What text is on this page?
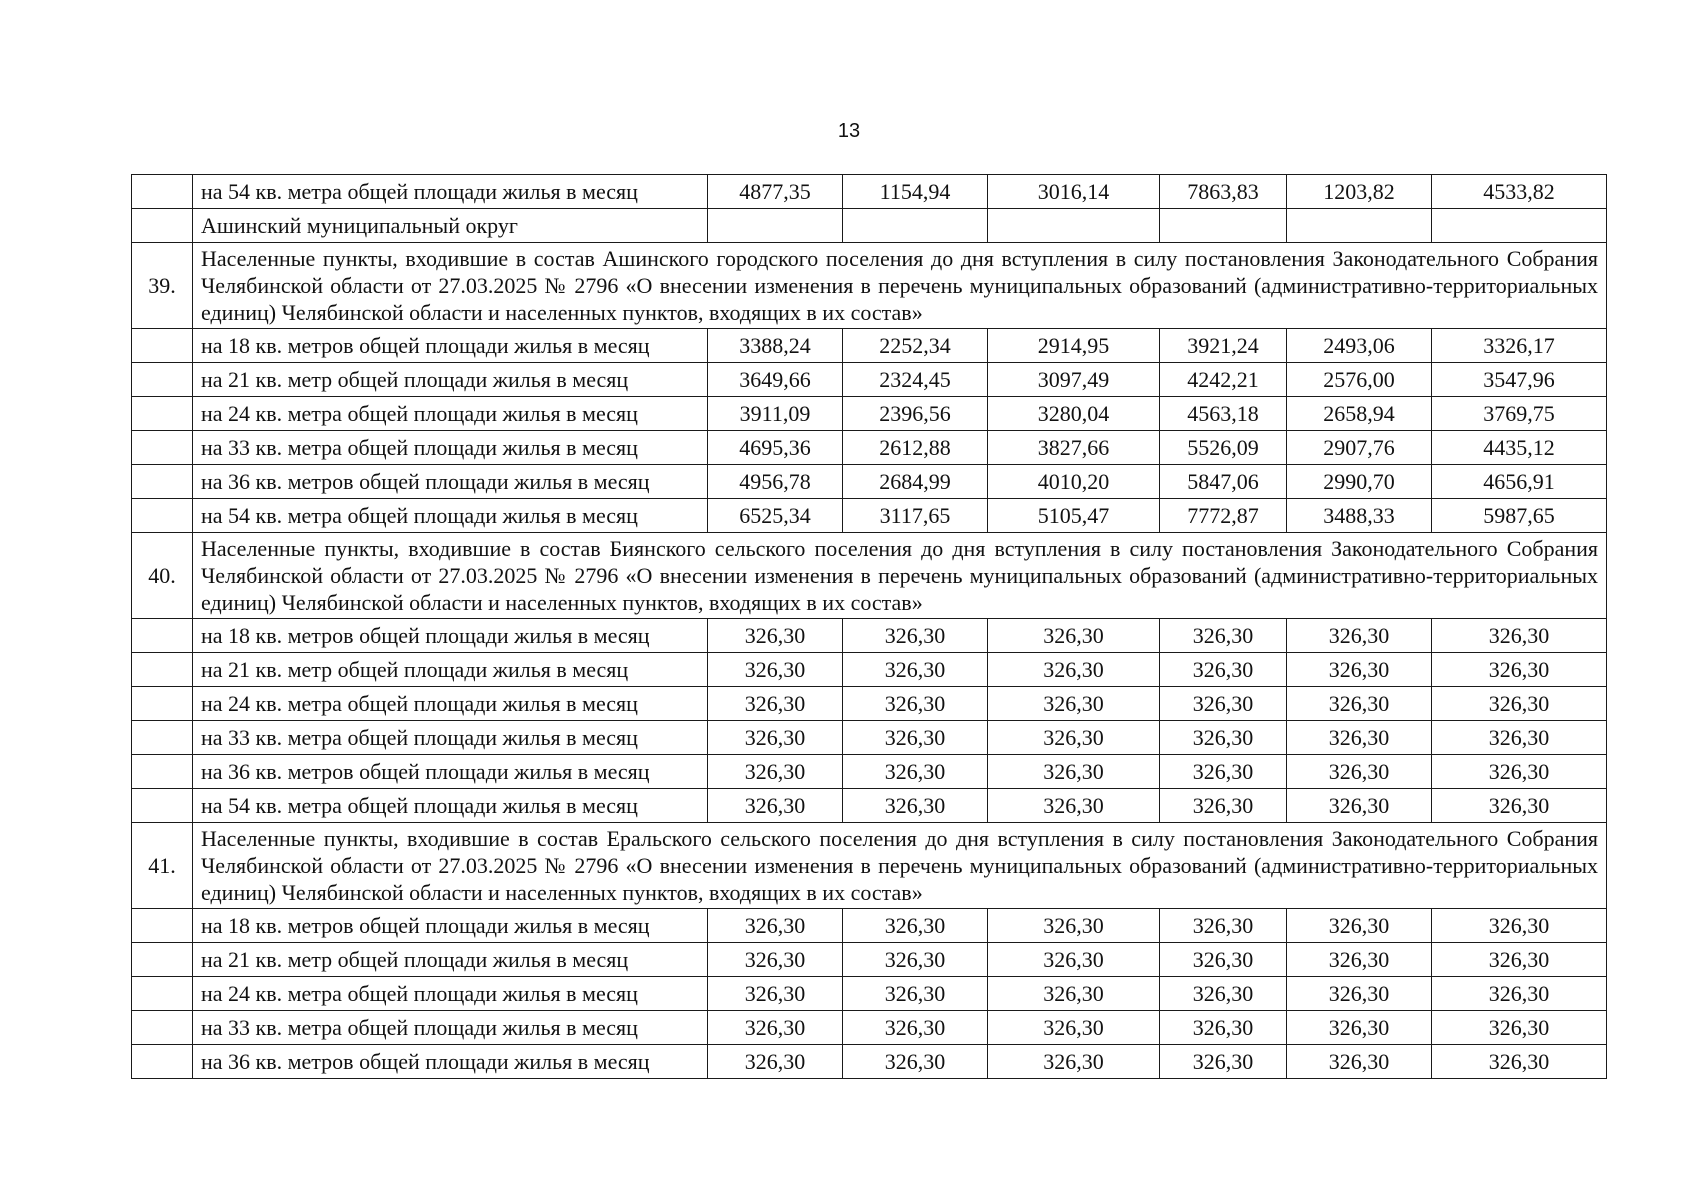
13
	на 54 кв. метра общей площади жилья в месяц	4877,35	1154,94	3016,14	7863,83	1203,82	4533,82
	Ашинский муниципальный округ						
39.	Населенные пункты, входившие в состав Ашинского городского поселения до дня вступления в силу постановления Законодательного Собрания Челябинской области от 27.03.2025 № 2796 «О внесении изменения в перечень муниципальных образований (административно-территориальных единиц) Челябинской области и населенных пунктов, входящих в их состав»						
	на 18 кв. метров общей площади жилья в месяц	3388,24	2252,34	2914,95	3921,24	2493,06	3326,17
	на 21 кв. метр общей площади жилья в месяц	3649,66	2324,45	3097,49	4242,21	2576,00	3547,96
	на 24 кв. метра общей площади жилья в месяц	3911,09	2396,56	3280,04	4563,18	2658,94	3769,75
	на 33 кв. метра общей площади жилья в месяц	4695,36	2612,88	3827,66	5526,09	2907,76	4435,12
	на 36 кв. метров общей площади жилья в месяц	4956,78	2684,99	4010,20	5847,06	2990,70	4656,91
	на 54 кв. метра общей площади жилья в месяц	6525,34	3117,65	5105,47	7772,87	3488,33	5987,65
40.	Населенные пункты, входившие в состав Биянского сельского поселения до дня вступления в силу постановления Законодательного Собрания Челябинской области от 27.03.2025 № 2796 «О внесении изменения в перечень муниципальных образований (административно-территориальных единиц) Челябинской области и населенных пунктов, входящих в их состав»						
	на 18 кв. метров общей площади жилья в месяц	326,30	326,30	326,30	326,30	326,30	326,30
	на 21 кв. метр общей площади жилья в месяц	326,30	326,30	326,30	326,30	326,30	326,30
	на 24 кв. метра общей площади жилья в месяц	326,30	326,30	326,30	326,30	326,30	326,30
	на 33 кв. метра общей площади жилья в месяц	326,30	326,30	326,30	326,30	326,30	326,30
	на 36 кв. метров общей площади жилья в месяц	326,30	326,30	326,30	326,30	326,30	326,30
	на 54 кв. метра общей площади жилья в месяц	326,30	326,30	326,30	326,30	326,30	326,30
41.	Населенные пункты, входившие в состав Еральского сельского поселения до дня вступления в силу постановления Законодательного Собрания Челябинской области от 27.03.2025 № 2796 «О внесении изменения в перечень муниципальных образований (административно-территориальных единиц) Челябинской области и населенных пунктов, входящих в их состав»						
	на 18 кв. метров общей площади жилья в месяц	326,30	326,30	326,30	326,30	326,30	326,30
	на 21 кв. метр общей площади жилья в месяц	326,30	326,30	326,30	326,30	326,30	326,30
	на 24 кв. метра общей площади жилья в месяц	326,30	326,30	326,30	326,30	326,30	326,30
	на 33 кв. метра общей площади жилья в месяц	326,30	326,30	326,30	326,30	326,30	326,30
	на 36 кв. метров общей площади жилья в месяц	326,30	326,30	326,30	326,30	326,30	326,30
